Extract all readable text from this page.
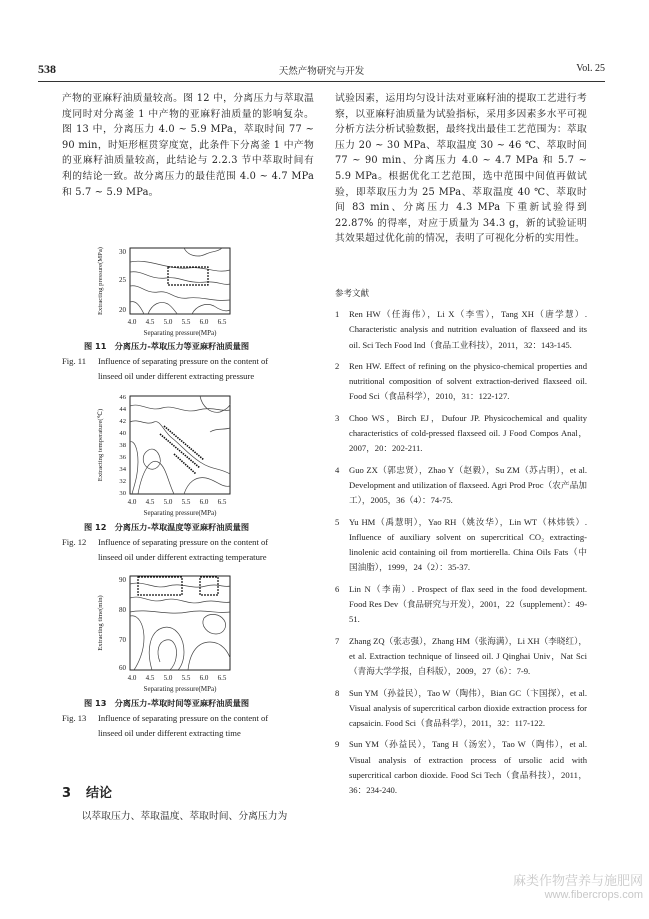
538	天然产物研究与开发	Vol. 25
产物的亚麻籽油质量较高。图 12 中，分离压力与萃取温度同时对分离釜 1 中产物的亚麻籽油质量的影响复杂。图 13 中，分离压力 4.0 ~ 5.9 MPa，萃取时间 77 ~ 90 min，时矩形框贯穿度宽，此条件下分离釜 1 中产物的亚麻籽油质量较高，此结论与 2.2.3 节中萃取时间有利的结论一致。故分离压力的最佳范围 4.0 ~ 4.7 MPa 和 5.7 ~ 5.9 MPa。
30
25
20
4.0 4.5 5.0 5.5 6.0 6.5
Separating pressure(MPa)
Extracting pressure(MPa)
图 11　分离压力-萃取压力等亚麻籽油质量图
Fig. 11 Influence of separating pressure on the content of
linseed oil under different extracting pressure
46
44
42
40
38
36
34
32
30
4.0 4.5 5.0 5.5 6.0 6.5
Separating pressure(MPa)
Extracting temperature(℃)
图 12　分离压力-萃取温度等亚麻籽油质量图
Fig. 12 Influence of separating pressure on the content of
linseed oil under different extracting temperature
90
80
70
60
4.0 4.5 5.0 5.5 6.0 6.5
Separating pressure(MPa)
Extracting time(min)
图 13　分离压力-萃取时间等亚麻籽油质量图
Fig. 13 Influence of separating pressure on the content of
linseed oil under different extracting time
3 结论
以萃取压力、萃取温度、萃取时间、分离压力为
试验因素，运用均匀设计法对亚麻籽油的提取工艺进行考察，以亚麻籽油质量为试验指标，采用多因素多水平可视分析方法分析试验数据，最终找出最佳工艺范围为：萃取压力 20 ~ 30 MPa、萃取温度 30 ~ 46 ℃、萃取时间 77 ~ 90 min、分离压力 4.0 ~ 4.7 MPa 和 5.7 ~ 5.9 MPa。根据优化工艺范围，选中范围中间值再做试验，即萃取压力为 25 MPa、萃取温度 40 ℃、萃取时间 83 min、分离压力 4.3 MPa 下重新试验得到 22.87% 的得率，对应于质量为 34.3 g，新的试验证明其效果超过优化前的情况，表明了可视化分析的实用性。
参考文献
1	Ren HW（任海伟），Li X（李雪），Tang XH（唐学慧）. Characteristic analysis and nutrition evaluation of flaxseed and its oil. Sci Tech Food Ind（食品工业科技），2011，32：143-145.
2	Ren HW. Effect of refining on the physico-chemical properties and nutritional composition of solvent extraction-derived flaxseed oil. Food Sci（食品科学），2010，31：122-127.
3	Choo WS，Birch EJ，Dufour JP. Physicochemical and quality characteristics of cold-pressed flaxseed oil. J Food Compos Anal，2007，20：202-211.
4	Guo ZX（郭忠贤），Zhao Y（赵毅），Su ZM（苏占明），et al. Development and utilization of flaxseed. Agri Prod Proc（农产品加工），2005，36（4）：74-75.
5	Yu HM（禹慧明），Yao RH（姚汝华），Lin WT（林炜铁）. Influence of auxiliary solvent on supercritical CO₂ extracting-linolenic acid containing oil from mortierella. China Oils Fats（中国油脂），1999，24（2）：35-37.
6	Lin N（李南）. Prospect of flax seed in the food development. Food Res Dev（食品研究与开发），2001，22（supplement）：49-51.
7	Zhang ZQ（张志强），Zhang HM（张海满），Li XH（李晓红），et al. Extraction technique of linseed oil. J Qinghai Univ，Nat Sci（青海大学学报，自科版），2009，27（6）：7-9.
8	Sun YM（孙益民），Tao W（陶伟），Bian GC（卞国探），et al. Visual analysis of supercritical carbon dioxide extraction process for capsaicin. Food Sci（食品科学），2011，32：117-122.
9	Sun YM（孙益民），Tang H（汤宏），Tao W（陶伟），et al. Visual analysis of extraction process of ursolic acid with supercritical carbon dioxide. Food Sci Tech（食品科技），2011，36：234-240.
麻类作物营养与施肥网
www.fibercrops.com
